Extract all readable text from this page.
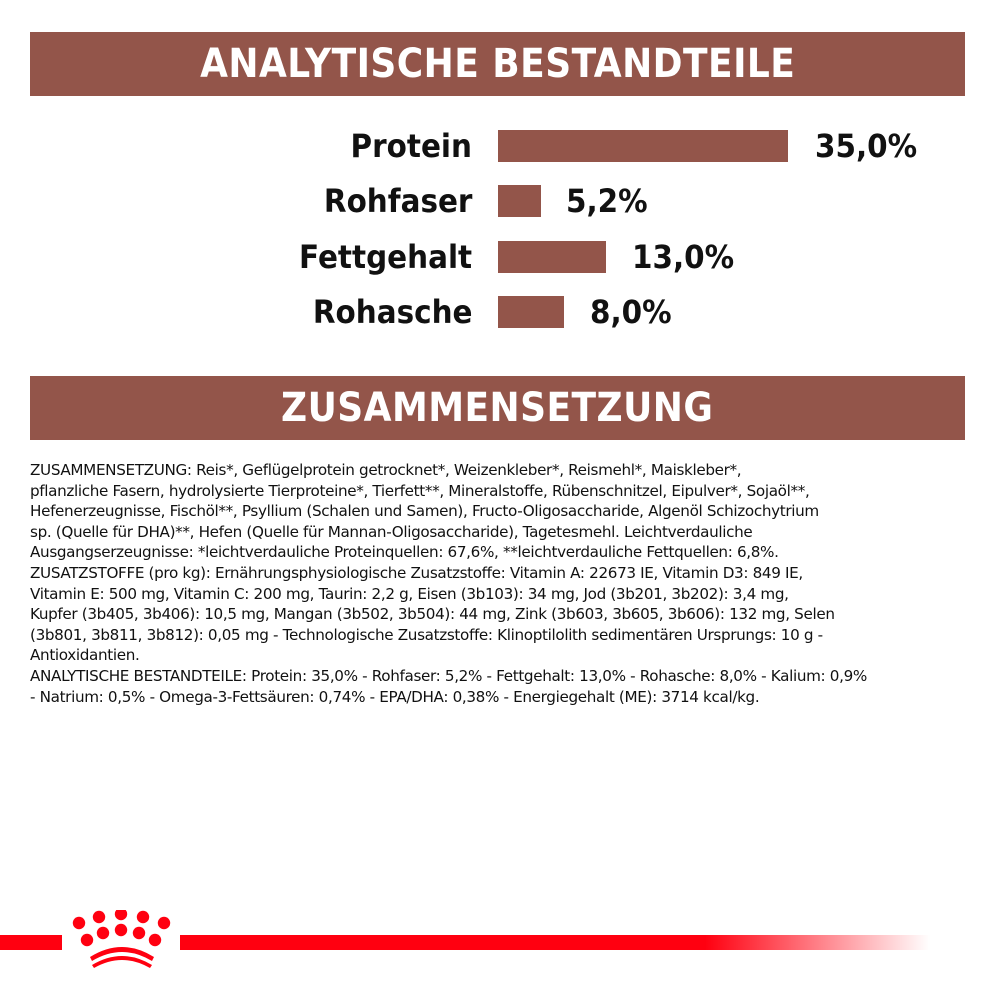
ANALYTISCHE BESTANDTEILE
Protein	35,0%
Rohfaser	5,2%
Fettgehalt	13,0%
Rohasche	8,0%
ZUSAMMENSETZUNG

ZUSAMMENSETZUNG: Reis*, Geflügelprotein getrocknet*, Weizenkleber*, Reismehl*, Maiskleber*,

pflanzliche Fasern, hydrolysierte Tierproteine*, Tierfett**, Mineralstoffe, Rübenschnitzel, Eipulver*, Sojaöl**,

Hefenerzeugnisse, Fischöl**, Psyllium (Schalen und Samen), Fructo-Oligosaccharide, Algenöl Schizochytrium

sp. (Quelle für DHA)**, Hefen (Quelle für Mannan-Oligosaccharide), Tagetesmehl. Leichtverdauliche

Ausgangserzeugnisse: *leichtverdauliche Proteinquellen: 67,6%, **leichtverdauliche Fettquellen: 6,8%.

ZUSATZSTOFFE (pro kg): Ernährungsphysiologische Zusatzstoffe: Vitamin A: 22673 IE, Vitamin D3: 849 IE,

Vitamin E: 500 mg, Vitamin C: 200 mg, Taurin: 2,2 g, Eisen (3b103): 34 mg, Jod (3b201, 3b202): 3,4 mg,

Kupfer (3b405, 3b406): 10,5 mg, Mangan (3b502, 3b504): 44 mg, Zink (3b603, 3b605, 3b606): 132 mg, Selen

(3b801, 3b811, 3b812): 0,05 mg - Technologische Zusatzstoffe: Klinoptilolith sedimentären Ursprungs: 10 g -

Antioxidantien.

ANALYTISCHE BESTANDTEILE: Protein: 35,0% - Rohfaser: 5,2% - Fettgehalt: 13,0% - Rohasche: 8,0% - Kalium: 0,9%

- Natrium: 0,5% - Omega-3-Fettsäuren: 0,74% - EPA/DHA: 0,38% - Energiegehalt (ME): 3714 kcal/kg.
